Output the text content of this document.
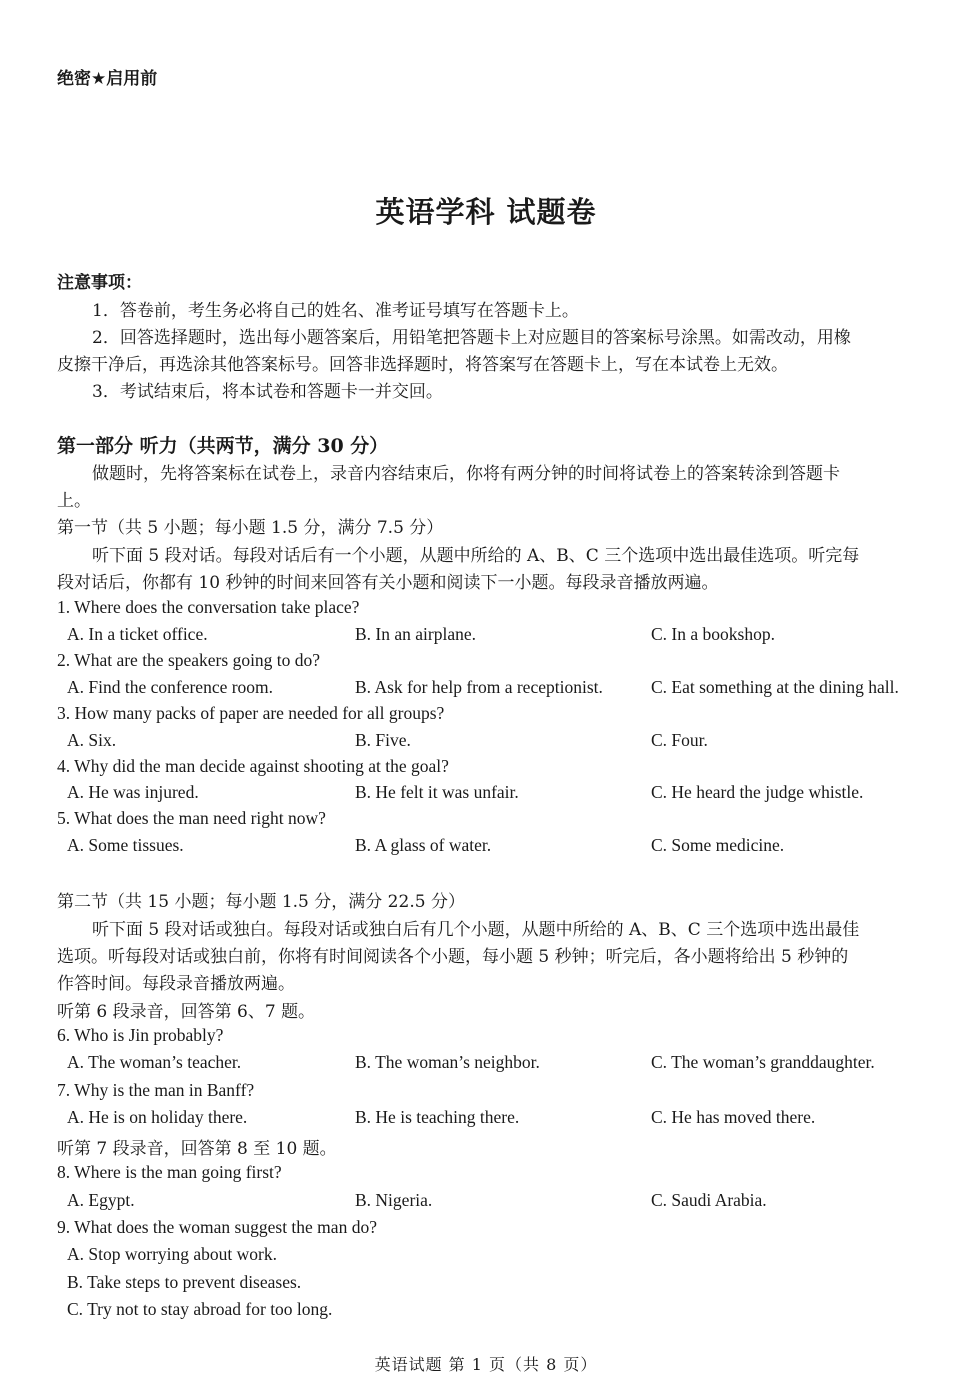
绝密★启用前
英语学科 试题卷
注意事项：
1．答卷前，考生务必将自己的姓名、准考证号填写在答题卡上。
2．回答选择题时，选出每小题答案后，用铅笔把答题卡上对应题目的答案标号涂黑。如需改动，用橡
皮擦干净后，再选涂其他答案标号。回答非选择题时，将答案写在答题卡上，写在本试卷上无效。
3．考试结束后，将本试卷和答题卡一并交回。
第一部分 听力（共两节，满分 30 分）
做题时，先将答案标在试卷上，录音内容结束后，你将有两分钟的时间将试卷上的答案转涂到答题卡
上。
第一节（共 5 小题；每小题 1.5 分，满分 7.5 分）
听下面 5 段对话。每段对话后有一个小题，从题中所给的 A、B、C 三个选项中选出最佳选项。听完每
段对话后，你都有 10 秒钟的时间来回答有关小题和阅读下一小题。每段录音播放两遍。
1. Where does the conversation take place?
A. In a ticket office.	B. In an airplane.	C. In a bookshop.
2. What are the speakers going to do?
A. Find the conference room.	B. Ask for help from a receptionist.	C. Eat something at the dining hall.
3. How many packs of paper are needed for all groups?
A. Six.	B. Five.	C. Four.
4. Why did the man decide against shooting at the goal?
A. He was injured.	B. He felt it was unfair.	C. He heard the judge whistle.
5. What does the man need right now?
A. Some tissues.	B. A glass of water.	C. Some medicine.
第二节（共 15 小题；每小题 1.5 分，满分 22.5 分）
听下面 5 段对话或独白。每段对话或独白后有几个小题，从题中所给的 A、B、C 三个选项中选出最佳
选项。听每段对话或独白前，你将有时间阅读各个小题，每小题 5 秒钟；听完后，各小题将给出 5 秒钟的
作答时间。每段录音播放两遍。
听第 6 段录音，回答第 6、7 题。
6. Who is Jin probably?
A. The woman’s teacher.	B. The woman’s neighbor.	C. The woman’s granddaughter.
7. Why is the man in Banff?
A. He is on holiday there.	B. He is teaching there.	C. He has moved there.
听第 7 段录音，回答第 8 至 10 题。
8. Where is the man going first?
A. Egypt.	B. Nigeria.	C. Saudi Arabia.
9. What does the woman suggest the man do?
A. Stop worrying about work.
B. Take steps to prevent diseases.
C. Try not to stay abroad for too long.
英语试题 第 1 页（共 8 页）
